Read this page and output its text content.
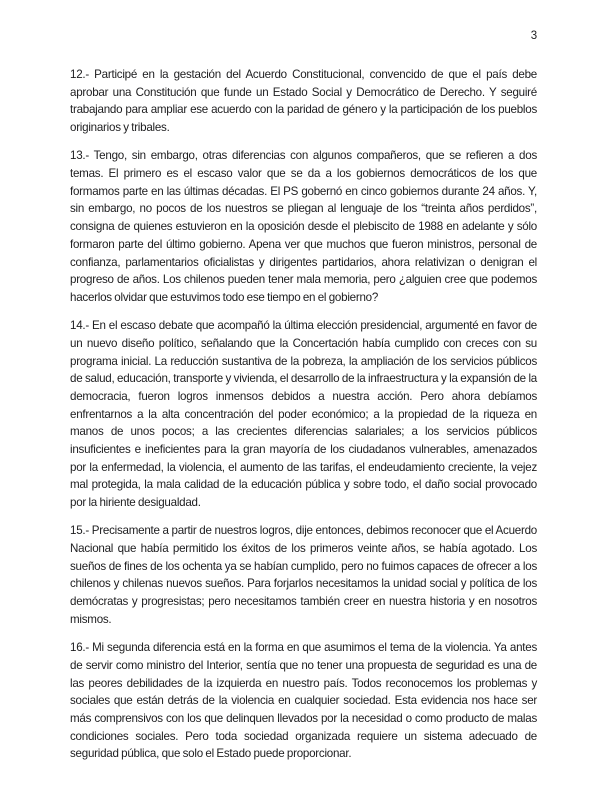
3

12.- Participé en la gestación del Acuerdo Constitucional, convencido de que el país debe aprobar una Constitución que funde un Estado Social y Democrático de Derecho. Y seguiré trabajando para ampliar ese acuerdo con la paridad de género y la participación de los pueblos originarios y tribales.

13.- Tengo, sin embargo, otras diferencias con algunos compañeros, que se refieren a dos temas. El primero es el escaso valor que se da a los gobiernos democráticos de los que formamos parte en las últimas décadas. El PS gobernó en cinco gobiernos durante 24 años. Y, sin embargo, no pocos de los nuestros se pliegan al lenguaje de los “treinta años perdidos”, consigna de quienes estuvieron en la oposición desde el plebiscito de 1988 en adelante y sólo formaron parte del último gobierno. Apena ver que muchos que fueron ministros, personal de confianza, parlamentarios oficialistas y dirigentes partidarios, ahora relativizan o denigran el progreso de años. Los chilenos pueden tener mala memoria, pero ¿alguien cree que podemos hacerlos olvidar que estuvimos todo ese tiempo en el gobierno?

14.- En el escaso debate que acompañó la última elección presidencial, argumenté en favor de un nuevo diseño político, señalando que la Concertación había cumplido con creces con su programa inicial. La reducción sustantiva de la pobreza, la ampliación de los servicios públicos de salud, educación, transporte y vivienda, el desarrollo de la infraestructura y la expansión de la democracia, fueron logros inmensos debidos a nuestra acción. Pero ahora debíamos enfrentarnos a la alta concentración del poder económico; a la propiedad de la riqueza en manos de unos pocos; a las crecientes diferencias salariales; a los servicios públicos insuficientes e ineficientes para la gran mayoría de los ciudadanos vulnerables, amenazados por la enfermedad, la violencia, el aumento de las tarifas, el endeudamiento creciente, la vejez mal protegida, la mala calidad de la educación pública y sobre todo, el daño social provocado por la hiriente desigualdad.

15.- Precisamente a partir de nuestros logros, dije entonces, debimos reconocer que el Acuerdo Nacional que había permitido los éxitos de los primeros veinte años, se había agotado. Los sueños de fines de los ochenta ya se habían cumplido, pero no fuimos capaces de ofrecer a los chilenos y chilenas nuevos sueños. Para forjarlos necesitamos la unidad social y política de los demócratas y progresistas; pero necesitamos también creer en nuestra historia y en nosotros mismos.

16.- Mi segunda diferencia está en la forma en que asumimos el tema de la violencia. Ya antes de servir como ministro del Interior, sentía que no tener una propuesta de seguridad es una de las peores debilidades de la izquierda en nuestro país. Todos reconocemos los problemas y sociales que están detrás de la violencia en cualquier sociedad. Esta evidencia nos hace ser más comprensivos con los que delinquen llevados por la necesidad o como producto de malas condiciones sociales. Pero toda sociedad organizada requiere un sistema adecuado de seguridad pública, que solo el Estado puede proporcionar.
